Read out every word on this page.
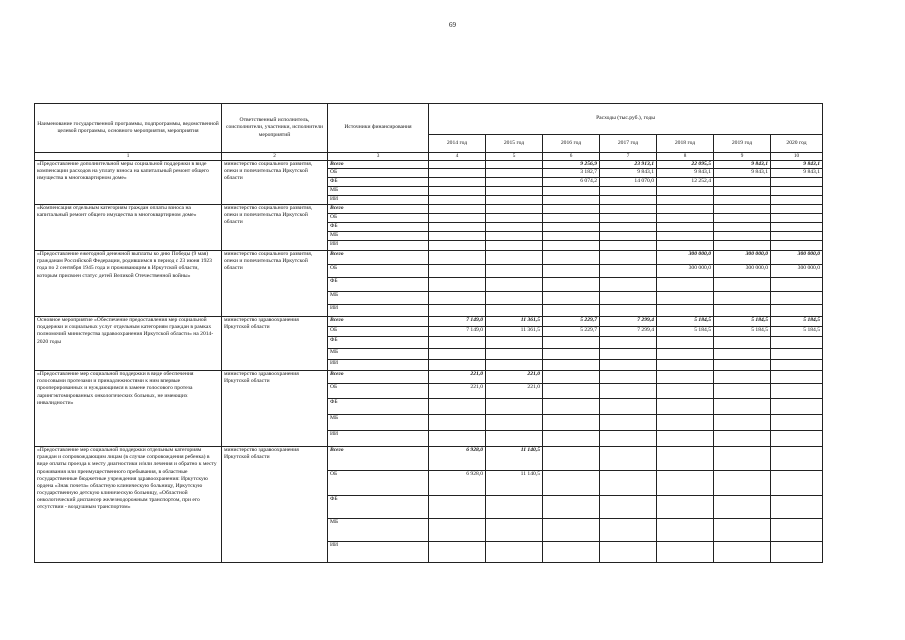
69
Наименование государственной программы, подпрограммы, ведомственной целевой программы, основного мероприятия, мероприятия	Ответственный исполнитель, соисполнители, участники, исполнители мероприятий	Источники финансирования	Расходы (тыс.руб.), годы						
			2014 год	2015 год	2016 год	2017 год	2018 год	2019 год	2020 год
1	2	3	4	5	6	7	8	9	10
«Предоставление дополнительной меры социальной поддержки в виде компенсации расходов на уплату взноса на капитальный ремонт общего имущества в многоквартирном доме»	министерство социального развития, опеки и попечительства Иркутской области	Всего			9 256,9	23 913,1	22 095,5	9 843,1	9 843,1
		ОБ			3 182,7	9 843,1	9 843,1	9 843,1	9 843,1
		ФБ			6 074,2	14 070,0	12 252,4		
		МБ							
		ИИ							
«Компенсация отдельным категориям граждан оплаты взноса на капитальный ремонт общего имущества в многоквартирном доме»	министерство социального развития, опеки и попечительства Иркутской области	Всего							
		ОБ							
		ФБ							
		МБ							
		ИИ							
«Предоставление ежегодной денежной выплаты ко дню Победы (9 мая) гражданам Российской Федерации, родившимся в период с 23 июня 1923 года по 2 сентября 1945 года и проживающим в Иркутской области, которым присвоен статус детей Великой Отечественной войны»	министерство социального развития, опеки и попечительства Иркутской области	Всего					300 000,0	300 000,0	300 000,0
		ОБ					300 000,0	300 000,0	300 000,0
		ФБ							
		МБ							
		ИИ							
Основное мероприятие «Обеспечение предоставления мер социальной поддержки и социальных услуг отдельным категориям граждан в рамках полномочий министерства здравоохранения Иркутской области» на 2014-2020 годы	министерство здравоохранения Иркутской области	Всего	7 149,0	11 361,5	5 229,7	7 299,4	5 184,5	5 184,5	5 184,5
		ОБ	7 149,0	11 361,5	5 229,7	7 299,4	5 184,5	5 184,5	5 184,5
		ФБ							
		МБ							
		ИИ							
«Предоставление мер социальной поддержки в виде обеспечения голосовыми протезами и принадлежностями к ним впервые прооперированных и нуждающимся в замене голосового протеза ларингэктомированных онкологических больных, не имеющих инвалидности»	министерство здравоохранения Иркутской области	Всего	221,0	221,0					
		ОБ	221,0	221,0					
		ФБ							
		МБ							
		ИИ							
«Предоставление мер социальной поддержки отдельным категориям граждан и сопровождающим лицам (в случае сопровождения ребенка) в виде оплаты проезда к месту диагностики и/или лечения и обратно к месту проживания или преимущественного пребывания, в областные государственные бюджетные учреждения здравоохранения: Иркутскую ордена «Знак почета» областную клиническую больницу, Иркутскую государственную детскую клиническую больницу, «Областной онкологический диспансер железнодорожным транспортом, при его отсутствии - воздушным транспортом»	министерство здравоохранения Иркутской области	Всего	6 928,0	11 140,5					
		ОБ	6 928,0	11 140,5					
		ФБ							
		МБ							
		ИИ							
